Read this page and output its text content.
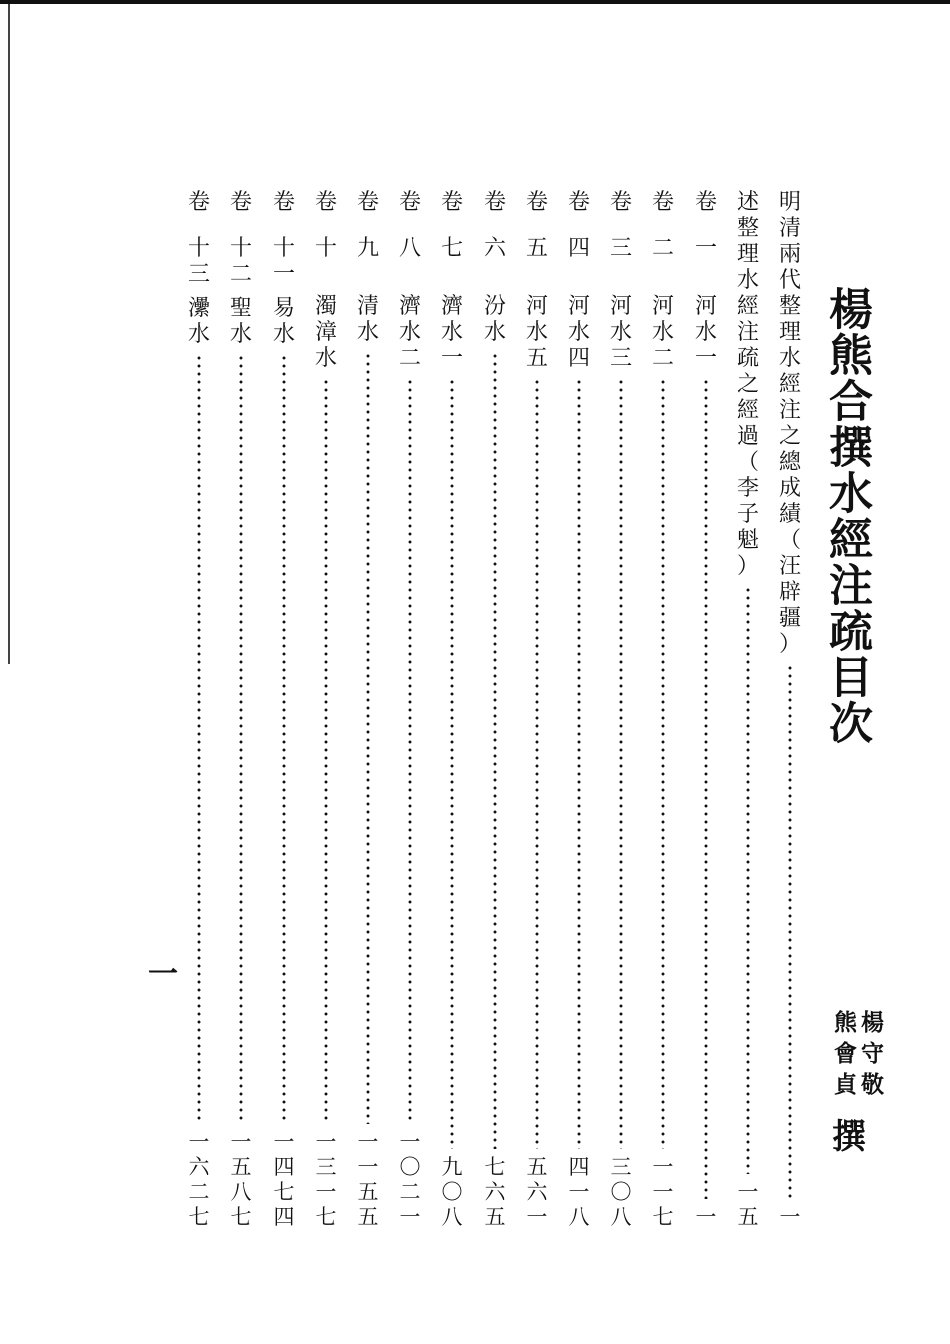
楊熊合撰水經注疏目次
楊守敬
熊會貞
撰
一
明
清
兩
代
整
理
水
經
注
之
總
成
績
（
汪
辟
疆
）
一
述
整
理
水
經
注
疏
之
經
過
（
李
子
魁
）
一
五
卷
一
河
水
一
一
卷
二
河
水
二
一
一
七
卷
三
河
水
三
三
〇
八
卷
四
河
水
四
四
一
八
卷
五
河
水
五
五
六
一
卷
六
汾
水
七
六
五
卷
七
濟
水
一
九
〇
八
卷
八
濟
水
二
一
〇
二
一
卷
九
清
水
一
一
五
五
卷
十
濁
漳
水
一
三
一
七
卷
十
一
易
水
一
四
七
四
卷
十
二
聖
水
一
五
八
七
卷
十
三
㶟
水
一
六
二
七
